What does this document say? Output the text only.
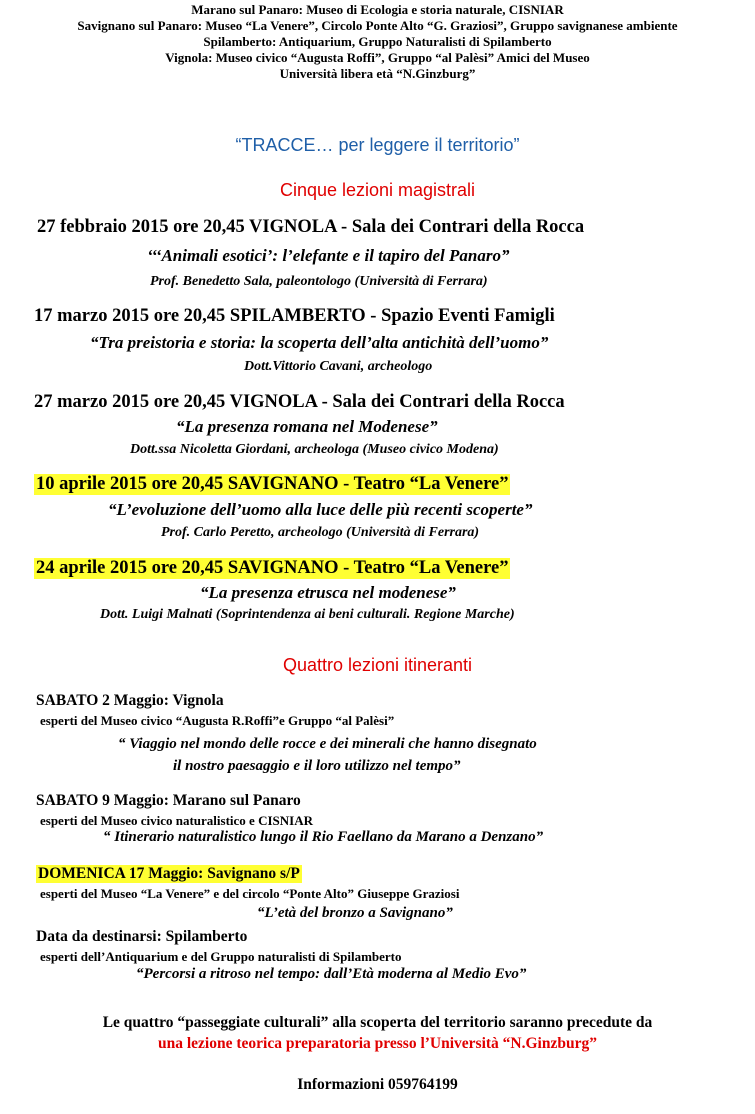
Marano sul Panaro: Museo di Ecologia e storia naturale, CISNIAR
Savignano sul Panaro: Museo “La Venere”, Circolo Ponte Alto “G. Graziosi”, Gruppo savignanese ambiente
Spilamberto: Antiquarium, Gruppo Naturalisti di Spilamberto
Vignola: Museo civico “Augusta Roffi”, Gruppo “al Palèsi” Amici del Museo
Università libera età “N.Ginzburg”
“TRACCE… per leggere il territorio”
Cinque lezioni magistrali
27 febbraio 2015 ore 20,45 VIGNOLA - Sala dei Contrari della Rocca
‘‘‘Animali esotici’: l’elefante e il tapiro del Panaro”
Prof. Benedetto Sala, paleontologo (Università di Ferrara)
17 marzo 2015 ore 20,45 SPILAMBERTO - Spazio Eventi Famigli
“Tra preistoria e storia: la scoperta dell’alta antichità dell’uomo”
Dott.Vittorio Cavani, archeologo
27 marzo 2015 ore 20,45 VIGNOLA - Sala dei Contrari della Rocca
“La presenza romana nel Modenese”
Dott.ssa Nicoletta Giordani, archeologa (Museo civico Modena)
10 aprile 2015 ore 20,45 SAVIGNANO - Teatro “La Venere”
“L’evoluzione dell’uomo alla luce delle più recenti scoperte”
Prof. Carlo Peretto, archeologo (Università di Ferrara)
24 aprile 2015 ore 20,45 SAVIGNANO - Teatro “La Venere”
“La presenza etrusca nel modenese”
Dott. Luigi Malnati (Soprintendenza ai beni culturali. Regione Marche)
Quattro lezioni itineranti
SABATO 2 Maggio: Vignola
esperti del Museo civico “Augusta R.Roffi”e Gruppo “al Palèsi”
“ Viaggio nel mondo delle rocce e dei minerali che hanno disegnato
il nostro paesaggio e il loro utilizzo nel tempo”
SABATO 9 Maggio: Marano sul Panaro
esperti del Museo civico naturalistico e CISNIAR
“ Itinerario naturalistico lungo il Rio Faellano da Marano a Denzano”
DOMENICA 17 Maggio: Savignano s/P
esperti del Museo “La Venere” e del circolo “Ponte Alto” Giuseppe Graziosi
“L’età del bronzo a Savignano”
Data da destinarsi: Spilamberto
esperti dell’Antiquarium e del Gruppo naturalisti di Spilamberto
“Percorsi a ritroso nel tempo: dall’Età moderna al Medio Evo”
Le quattro “passeggiate culturali” alla scoperta del territorio saranno precedute da
una lezione teorica preparatoria presso l’Università “N.Ginzburg”
Informazioni 059764199
